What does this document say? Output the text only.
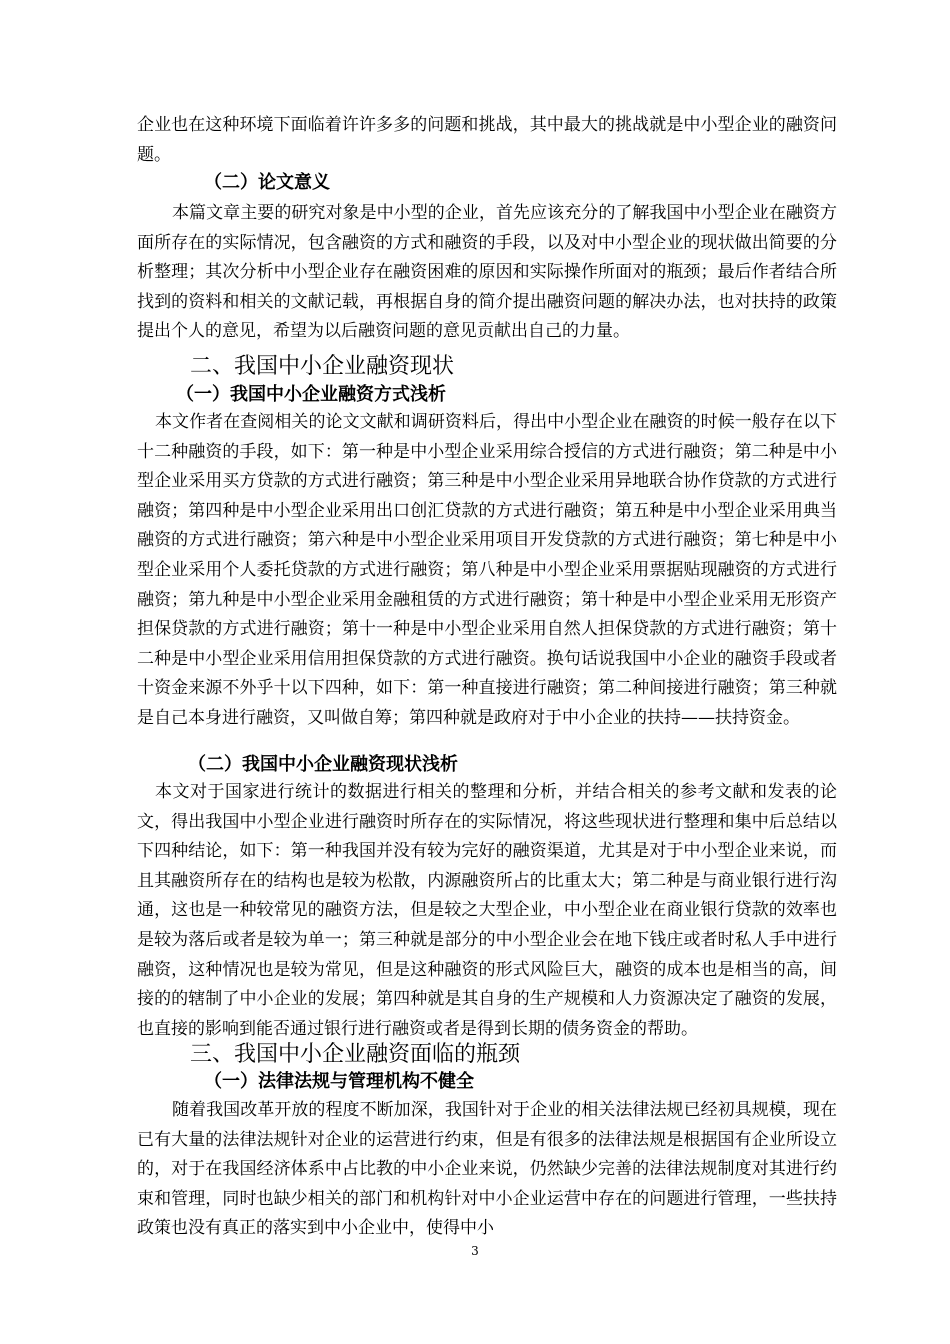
企业也在这种环境下面临着许许多多的问题和挑战，其中最大的挑战就是中小型企业的融资问题。

（二）论文意义

本篇文章主要的研究对象是中小型的企业，首先应该充分的了解我国中小型企业在融资方面所存在的实际情况，包含融资的方式和融资的手段，以及对中小型企业的现状做出简要的分析整理；其次分析中小型企业存在融资困难的原因和实际操作所面对的瓶颈；最后作者结合所找到的资料和相关的文献记载，再根据自身的简介提出融资问题的解决办法，也对扶持的政策提出个人的意见，希望为以后融资问题的意见贡献出自己的力量。

二、我国中小企业融资现状
（一）我国中小企业融资方式浅析

本文作者在查阅相关的论文文献和调研资料后，得出中小型企业在融资的时候一般存在以下十二种融资的手段，如下：第一种是中小型企业采用综合授信的方式进行融资；第二种是中小型企业采用买方贷款的方式进行融资；第三种是中小型企业采用异地联合协作贷款的方式进行融资；第四种是中小型企业采用出口创汇贷款的方式进行融资；第五种是中小型企业采用典当融资的方式进行融资；第六种是中小型企业采用项目开发贷款的方式进行融资；第七种是中小型企业采用个人委托贷款的方式进行融资；第八种是中小型企业采用票据贴现融资的方式进行融资；第九种是中小型企业采用金融租赁的方式进行融资；第十种是中小型企业采用无形资产担保贷款的方式进行融资；第十一种是中小型企业采用自然人担保贷款的方式进行融资；第十二种是中小型企业采用信用担保贷款的方式进行融资。换句话说我国中小企业的融资手段或者十资金来源不外乎十以下四种，如下：第一种直接进行融资；第二种间接进行融资；第三种就是自己本身进行融资，又叫做自筹；第四种就是政府对于中小企业的扶持——扶持资金。

（二）我国中小企业融资现状浅析

本文对于国家进行统计的数据进行相关的整理和分析，并结合相关的参考文献和发表的论文，得出我国中小型企业进行融资时所存在的实际情况，将这些现状进行整理和集中后总结以下四种结论，如下：第一种我国并没有较为完好的融资渠道，尤其是对于中小型企业来说，而且其融资所存在的结构也是较为松散，内源融资所占的比重太大；第二种是与商业银行进行沟通，这也是一种较常见的融资方法，但是较之大型企业，中小型企业在商业银行贷款的效率也是较为落后或者是较为单一；第三种就是部分的中小型企业会在地下钱庄或者时私人手中进行融资，这种情况也是较为常见，但是这种融资的形式风险巨大，融资的成本也是相当的高，间接的的辖制了中小企业的发展；第四种就是其自身的生产规模和人力资源决定了融资的发展，也直接的影响到能否通过银行进行融资或者是得到长期的债务资金的帮助。

三、我国中小企业融资面临的瓶颈
（一）法律法规与管理机构不健全

随着我国改革开放的程度不断加深，我国针对于企业的相关法律法规已经初具规模，现在已有大量的法律法规针对企业的运营进行约束，但是有很多的法律法规是根据国有企业所设立的，对于在我国经济体系中占比教的中小企业来说，仍然缺少完善的法律法规制度对其进行约束和管理，同时也缺少相关的部门和机构针对中小企业运营中存在的问题进行管理，一些扶持政策也没有真正的落实到中小企业中，使得中小

3
